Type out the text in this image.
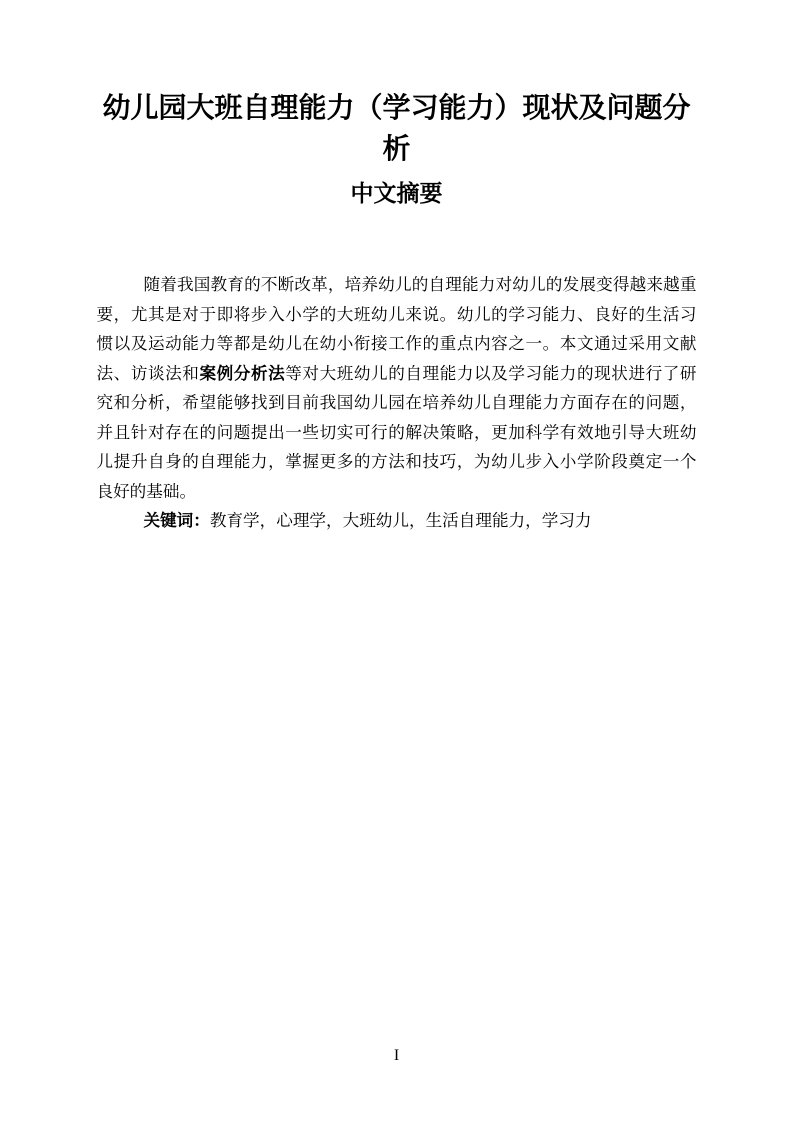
幼儿园大班自理能力（学习能力）现状及问题分
析
中文摘要
随着我国教育的不断改革，培养幼儿的自理能力对幼儿的发展变得越来越重
要，尤其是对于即将步入小学的大班幼儿来说。幼儿的学习能力、良好的生活习
惯以及运动能力等都是幼儿在幼小衔接工作的重点内容之一。本文通过采用文献
法、访谈法和案例分析法等对大班幼儿的自理能力以及学习能力的现状进行了研
究和分析，希望能够找到目前我国幼儿园在培养幼儿自理能力方面存在的问题，
并且针对存在的问题提出一些切实可行的解决策略，更加科学有效地引导大班幼
儿提升自身的自理能力，掌握更多的方法和技巧，为幼儿步入小学阶段奠定一个
良好的基础。
关键词：教育学，心理学，大班幼儿，生活自理能力，学习力
I
